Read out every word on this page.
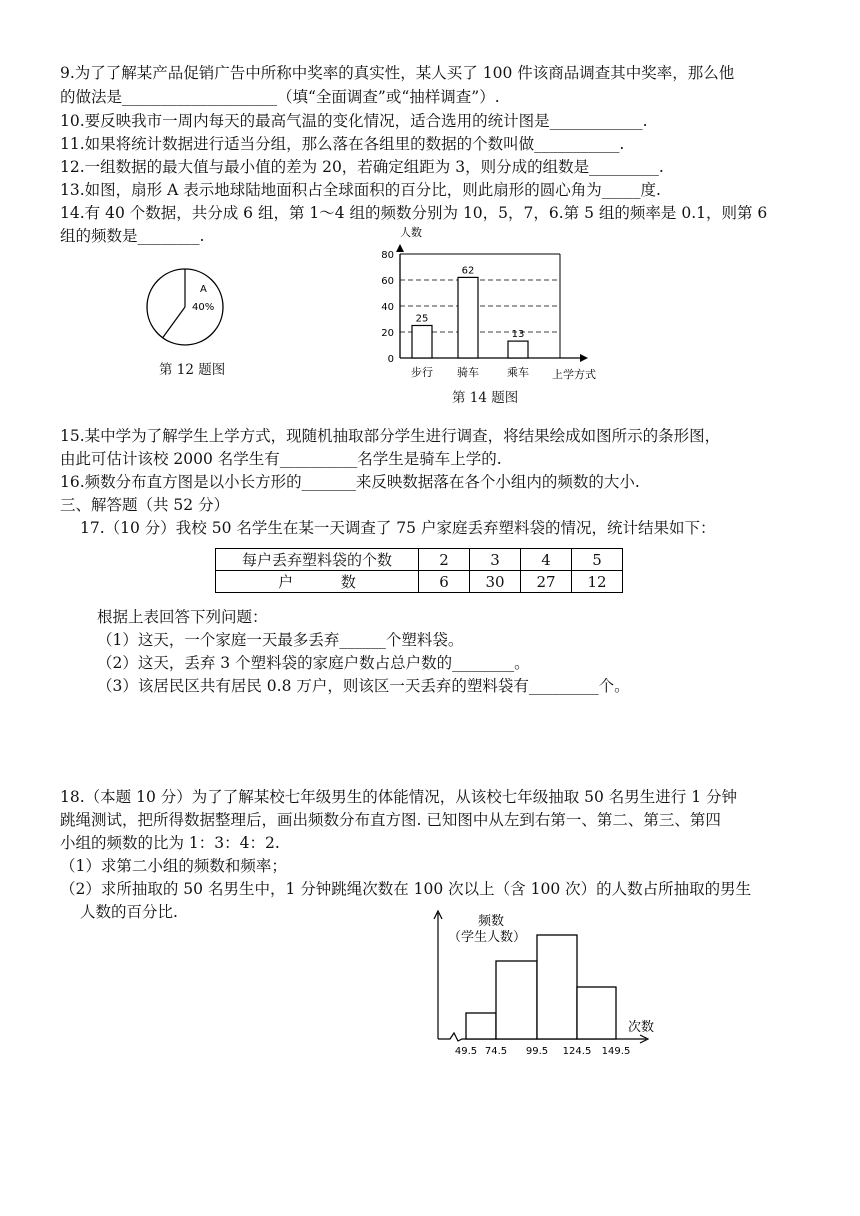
9.为了了解某产品促销广告中所称中奖率的真实性，某人买了 100 件该商品调查其中奖率，那么他
的做法是____________________（填“全面调查”或“抽样调查”）.
10.要反映我市一周内每天的最高气温的变化情况，适合选用的统计图是____________.
11.如果将统计数据进行适当分组，那么落在各组里的数据的个数叫做___________.
12.一组数据的最大值与最小值的差为 20，若确定组距为 3，则分成的组数是_________.
13.如图，扇形 A 表示地球陆地面积占全球面积的百分比，则此扇形的圆心角为_____度.
14.有 40 个数据，共分成 6 组，第 1～4 组的频数分别为 10，5，7，6.第 5 组的频率是 0.1，则第 6
组的频数是________.
A
40%
第 12 题图
人数
上学方式
0
20
40
60
80
25
步行
62
骑车
13
乘车
第 14 题图
15.某中学为了解学生上学方式，现随机抽取部分学生进行调查，将结果绘成如图所示的条形图，
由此可估计该校 2000 名学生有__________名学生是骑车上学的.
16.频数分布直方图是以小长方形的_______来反映数据落在各个小组内的频数的大小.
三、解答题（共 52 分）
17.（10 分）我校 50 名学生在某一天调查了 75 户家庭丢弃塑料袋的情况，统计结果如下：
每户丢弃塑料袋的个数	2	3	4	5
户          数	6	30	27	12
根据上表回答下列问题：
（1）这天，一个家庭一天最多丢弃______个塑料袋。
（2）这天，丢弃 3 个塑料袋的家庭户数占总户数的________。
（3）该居民区共有居民 0.8 万户，则该区一天丢弃的塑料袋有_________个。
18.（本题 10 分）为了了解某校七年级男生的体能情况，从该校七年级抽取 50 名男生进行 1 分钟
跳绳测试，把所得数据整理后，画出频数分布直方图. 已知图中从左到右第一、第二、第三、第四
小组的频数的比为 1：3：4：2.
（1）求第二小组的频数和频率；
（2）求所抽取的 50 名男生中，1 分钟跳绳次数在 100 次以上（含 100 次）的人数占所抽取的男生
人数的百分比.
频数
（学生人数）
次数
49.5 74.5 99.5 124.5 149.5
